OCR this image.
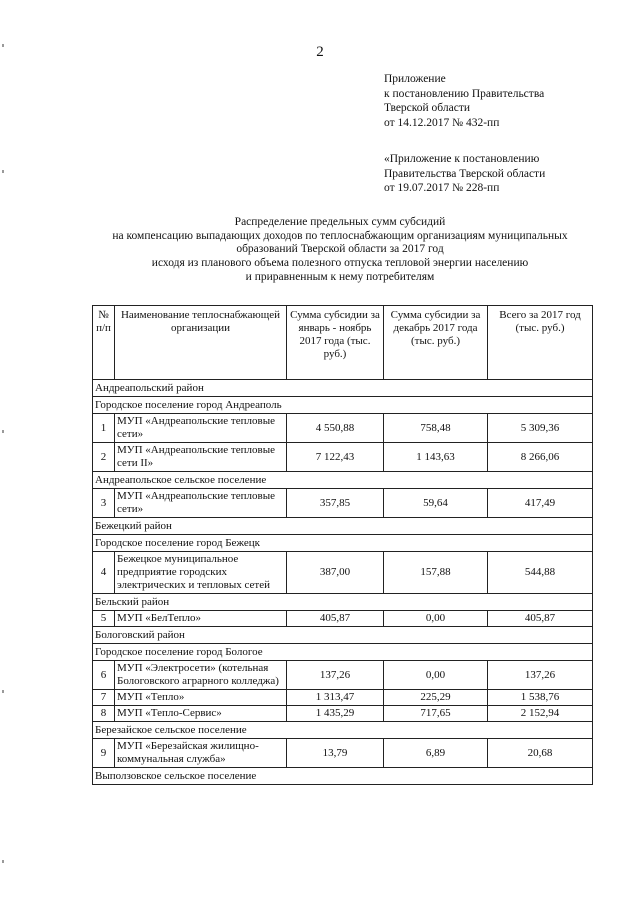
2
Приложение
к постановлению Правительства
Тверской области
от 14.12.2017 № 432-пп
«Приложение к постановлению
Правительства Тверской области
от 19.07.2017 № 228-пп
Распределение предельных сумм субсидий
на компенсацию выпадающих доходов по теплоснабжающим организациям муниципальных
образований Тверской области за 2017 год
исходя из планового объема полезного отпуска тепловой энергии населению
и приравненным к нему потребителям
№ п/п	Наименование теплоснабжающей организации	Сумма субсидии за январь - ноябрь 2017 года (тыс. руб.)	Сумма субсидии за декабрь 2017 года (тыс. руб.)	Всего за 2017 год (тыс. руб.)
Андреапольский район				
Городское поселение город Андреаполь				
1	МУП «Андреапольские тепловые сети»	4 550,88	758,48	5 309,36
2	МУП «Андреапольские тепловые сети II»	7 122,43	1 143,63	8 266,06
Андреапольское сельское поселение				
3	МУП «Андреапольские тепловые сети»	357,85	59,64	417,49
Бежецкий район				
Городское поселение город Бежецк				
4	Бежецкое муниципальное предприятие городских электрических и тепловых сетей	387,00	157,88	544,88
Бельский район				
5	МУП «БелТепло»	405,87	0,00	405,87
Бологовский район				
Городское поселение город Бологое				
6	МУП «Электросети» (котельная Бологовского аграрного колледжа)	137,26	0,00	137,26
7	МУП «Тепло»	1 313,47	225,29	1 538,76
8	МУП «Тепло-Сервис»	1 435,29	717,65	2 152,94
Березайское сельское поселение				
9	МУП «Березайская жилищно-коммунальная служба»	13,79	6,89	20,68
Выползовское сельское поселение				
